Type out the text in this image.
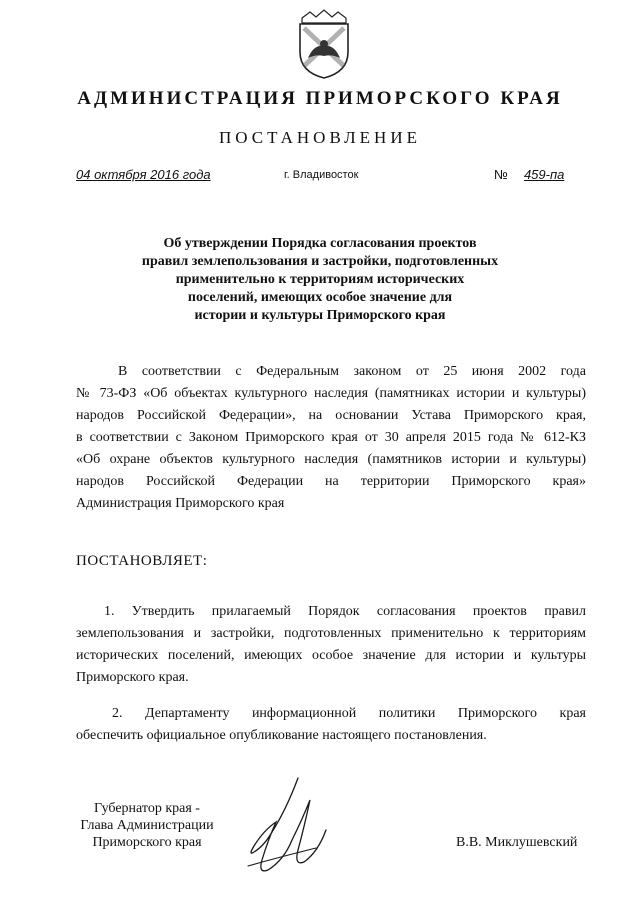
АДМИНИСТРАЦИЯ ПРИМОРСКОГО КРАЯ
ПОСТАНОВЛЕНИЕ
04 октября 2016 года	г. Владивосток	№ 459-па
Об утверждении Порядка согласования проектов
правил землепользования и застройки, подготовленных
применительно к территориям исторических
поселений, имеющих особое значение для
истории и культуры Приморского края
В соответствии с Федеральным законом от 25 июня 2002 года
№ 73-ФЗ «Об объектах культурного наследия (памятниках истории и культуры)
народов Российской Федерации», на основании Устава Приморского края,
в соответствии с Законом Приморского края от 30 апреля 2015 года № 612-КЗ
«Об охране объектов культурного наследия (памятников истории и культуры)
народов Российской Федерации на территории Приморского края»
Администрация Приморского края
ПОСТАНОВЛЯЕТ:
1. Утвердить прилагаемый Порядок согласования проектов правил
землепользования и застройки, подготовленных применительно к территориям
исторических поселений, имеющих особое значение для истории и культуры
Приморского края.
2. Департаменту информационной политики Приморского края
обеспечить официальное опубликование настоящего постановления.
Губернатор края -
Глава Администрации
Приморского края	В.В. Миклушевский
